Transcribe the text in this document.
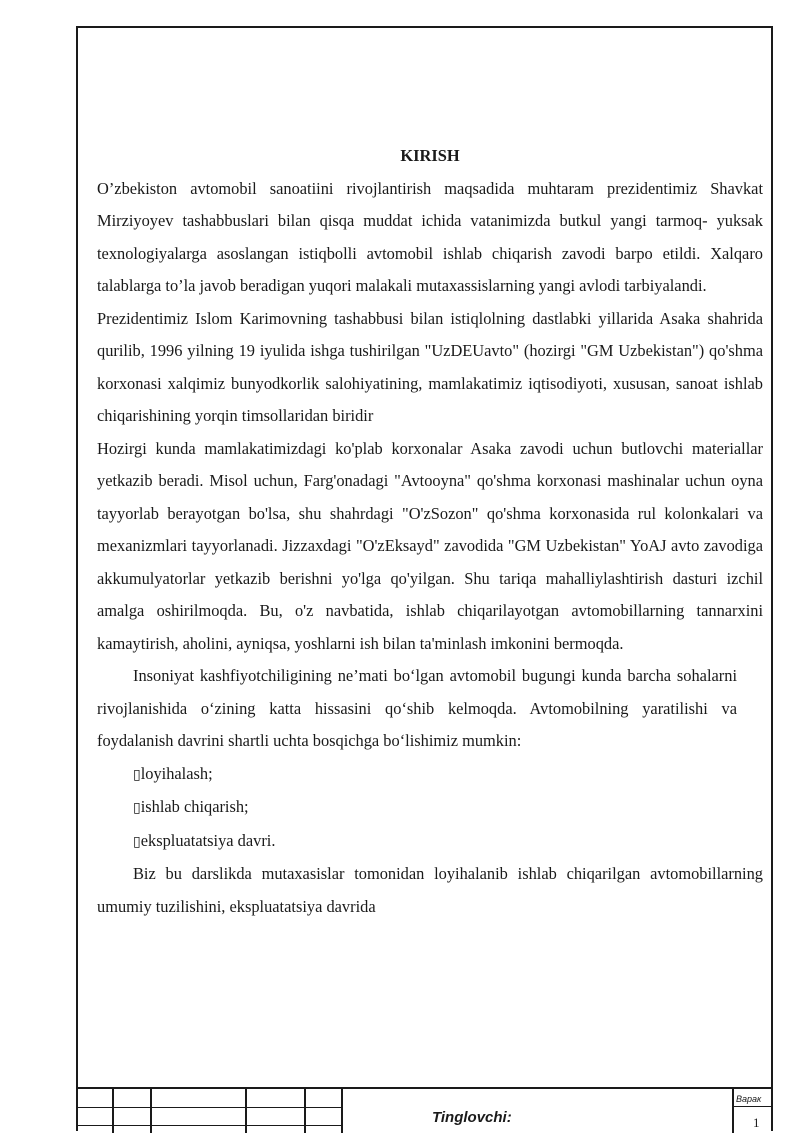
KIRISH

O’zbekiston avtomobil sanoatiini rivojlantirish maqsadida muhtaram prezidentimiz Shavkat Mirziyoyev tashabbuslari bilan qisqa muddat ichida vatanimizda butkul yangi tarmoq- yuksak texnologiyalarga asoslangan istiqbolli avtomobil ishlab chiqarish zavodi barpo etildi. Xalqaro talablarga to’la javob beradigan yuqori malakali mutaxassislarning yangi avlodi tarbiyalandi.

Prezidentimiz Islom Karimovning tashabbusi bilan istiqlolning dastlabki yillarida Asaka shahrida qurilib, 1996 yilning 19 iyulida ishga tushirilgan "UzDEUavto" (hozirgi "GM Uzbekistan") qo'shma korxonasi xalqimiz bunyodkorlik salohiyatining, mamlakatimiz iqtisodiyoti, xususan, sanoat ishlab chiqarishining yorqin timsollaridan biridir

Hozirgi kunda mamlakatimizdagi ko'plab korxonalar Asaka zavodi uchun butlovchi materiallar yetkazib beradi. Misol uchun, Farg'onadagi "Avtooyna" qo'shma korxonasi mashinalar uchun oyna tayyorlab berayotgan bo'lsa, shu shahrdagi "O'zSozon" qo'shma korxonasida rul kolonkalari va mexanizmlari tayyorlanadi. Jizzaxdagi "O'zEksayd" zavodida "GM Uzbekistan" YoAJ avto zavodiga akkumulyatorlar yetkazib berishni yo'lga qo'yilgan. Shu tariqa mahalliylashtirish dasturi izchil amalga oshirilmoqda. Bu, o'z navbatida, ishlab chiqarilayotgan avtomobillarning tannarxini kamaytirish, aholini, ayniqsa, yoshlarni ish bilan ta'minlash imkonini bermoqda.

Insoniyat kashfiyotchiligining ne’mati bo‘lgan avtomobil bugungi kunda barcha sohalarni rivojlanishida o‘zining katta hissasini qo‘shib kelmoqda. Avtomobilning yaratilishi va foydalanish davrini shartli uchta bosqichga bo‘lishimiz mumkin:

▯loyihalash;

▯ishlab chiqarish;

▯ekspluatatsiya davri.

Biz bu darslikda mutaxasislar tomonidan loyihalanib ishlab chiqarilgan avtomobillarning umumiy tuzilishini, ekspluatatsiya davrida

Tinglovchi:
Варак
1
